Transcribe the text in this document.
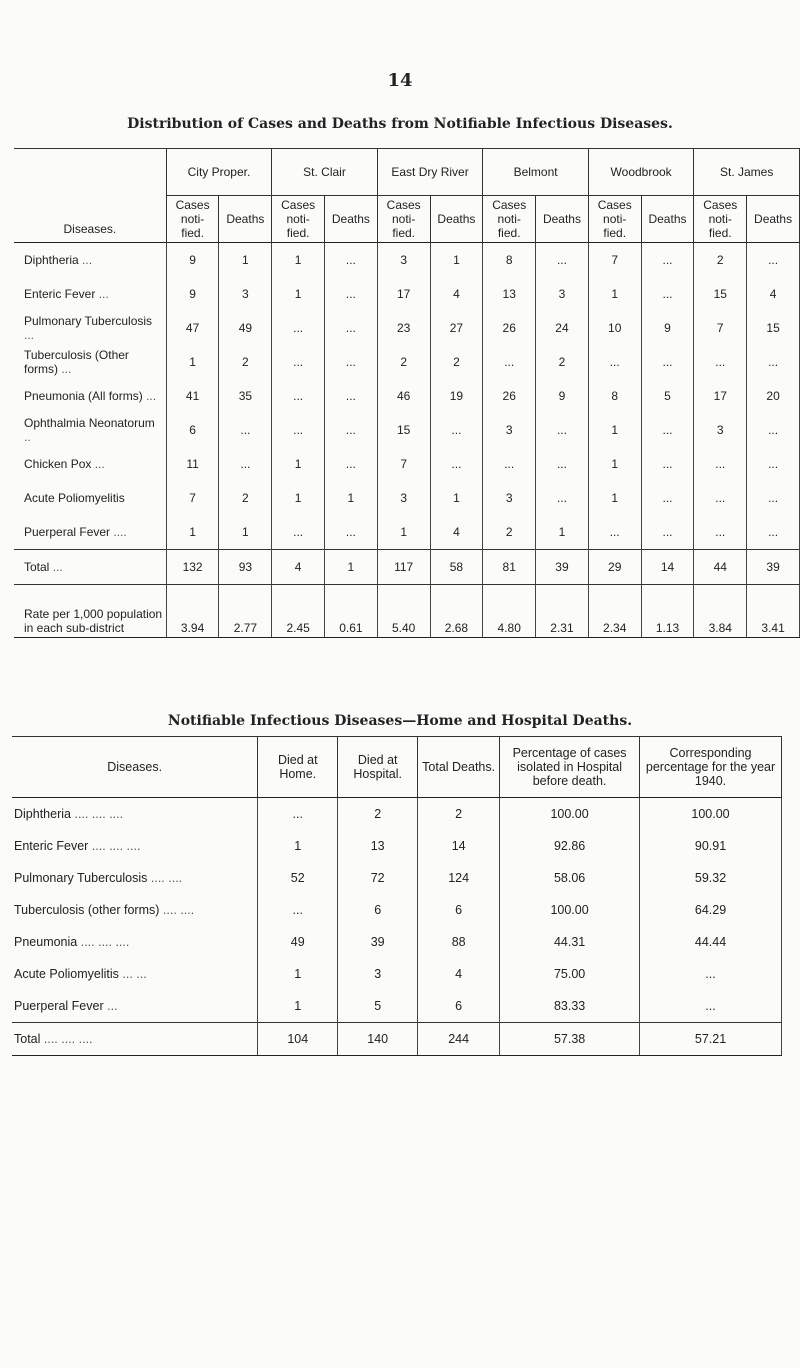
14
Distribution of Cases and Deaths from Notifiable Infectious Diseases.
Diseases.	City Proper.		St. Clair		East Dry River		Belmont		Woodbrook		St. James	
	Cases noti- fied.	Deaths	Cases noti- fied.	Deaths	Cases noti- fied.	Deaths	Cases noti- fied.	Deaths	Cases noti- fied.	Deaths	Cases noti- fied.	Deaths
Diphtheria ...	9	1	1	...	3	1	8	...	7	...	2	...
Enteric Fever ...	9	3	1	...	17	4	13	3	1	...	15	4
Pulmonary Tuberculosis ...	47	49	...	...	23	27	26	24	10	9	7	15
Tuberculosis (Other forms) ...	1	2	...	...	2	2	...	2	...	...	...	...
Pneumonia (All forms) ...	41	35	...	...	46	19	26	9	8	5	17	20
Ophthalmia Neonatorum ..	6	...	...	...	15	...	3	...	1	...	3	...
Chicken Pox ...	11	...	1	...	7	...	...	...	1	...	...	...
Acute Poliomyelitis	7	2	1	1	3	1	3	...	1	...	...	...
Puerperal Fever ....	1	1	...	...	1	4	2	1	...	...	...	...
Total ...	132	93	4	1	117	58	81	39	29	14	44	39
Rate per 1,000 population in each sub-district	3.94	2.77	2.45	0.61	5.40	2.68	4.80	2.31	2.34	1.13	3.84	3.41
Notifiable Infectious Diseases—Home and Hospital Deaths.
Diseases.	Died at Home.	Died at Hospital.	Total Deaths.	Percentage of cases isolated in Hospital before death.	Corresponding percentage for the year 1940.
Diphtheria .... .... ....	...	2	2	100.00	100.00
Enteric Fever .... .... ....	1	13	14	92.86	90.91
Pulmonary Tuberculosis .... ....	52	72	124	58.06	59.32
Tuberculosis (other forms) .... ....	...	6	6	100.00	64.29
Pneumonia .... .... ....	49	39	88	44.31	44.44
Acute Poliomyelitis ... ...	1	3	4	75.00	...
Puerperal Fever ...	1	5	6	83.33	...
Total .... .... ....	104	140	244	57.38	57.21
